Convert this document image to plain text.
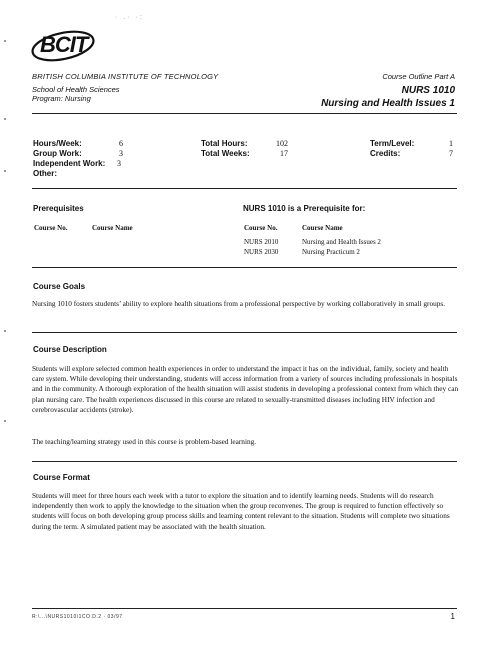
· .· ·:
BCIT
BRITISH COLUMBIA INSTITUTE OF TECHNOLOGY
School of Health Sciences
Program: Nursing
Course Outline Part A
NURS 1010
Nursing and Health Issues 1
Hours/Week:	6
Group Work:	3
Independent Work: 3
Other:
Total Hours:	102
Total Weeks:	17
Term/Level:	1
Credits:	7
Prerequisites
Course No.	Course Name
NURS 1010 is a Prerequisite for:
Course No.	Course Name
NURS 2010	Nursing and Health Issues 2
NURS 2030	Nursing Practicum 2
Course Goals
Nursing 1010 fosters students’ ability to explore health situations from a professional perspective by working collaboratively in small groups.
Course Description
Students will explore selected common health experiences in order to understand the impact it has on the individual, family, society and health care system. While developing their understanding, students will access information from a variety of sources including professionals in hospitals and in the community. A thorough exploration of the health situation will assist students in developing a professional context from which they can plan nursing care. The health experiences discussed in this course are related to sexually-transmitted diseases including HIV infection and cerebrovascular accidents (stroke).
The teaching/learning strategy used in this course is problem-based learning.
Course Format
Students will meet for three hours each week with a tutor to explore the situation and to identify learning needs. Students will do research independently then work to apply the knowledge to the situation when the group reconvenes. The group is required to function effectively so students will focus on both developing group process skills and learning content relevant to the situation. Students will complete two situations during the term. A simulated patient may be associated with the health situation.
R:\...\NURS1010\1CO.D.2 · 03/97	1
